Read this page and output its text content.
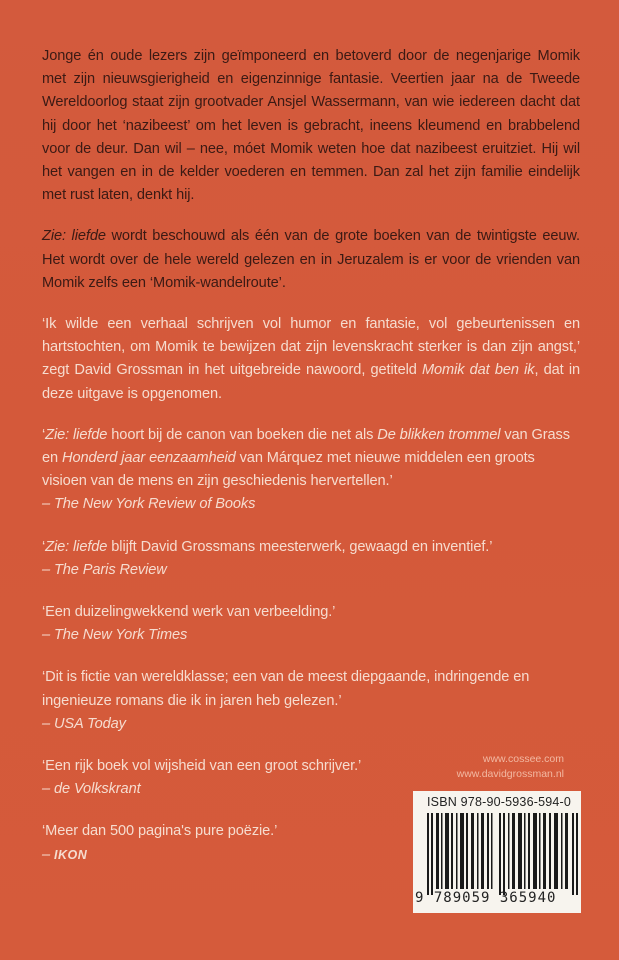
Jonge én oude lezers zijn geïmponeerd en betoverd door de negenjarige Momik met zijn nieuwsgierigheid en eigenzinnige fantasie. Veertien jaar na de Tweede Wereldoorlog staat zijn grootvader Ansjel Wassermann, van wie iedereen dacht dat hij door het ‘nazibeest’ om het leven is gebracht, ineens kleumend en brabbelend voor de deur. Dan wil – nee, móet Momik weten hoe dat nazibeest eruitziet. Hij wil het vangen en in de kelder voederen en temmen. Dan zal het zijn familie eindelijk met rust laten, denkt hij.

Zie: liefde wordt beschouwd als één van de grote boeken van de twintigste eeuw. Het wordt over de hele wereld gelezen en in Jeruzalem is er voor de vrienden van Momik zelfs een ‘Momik-wandelroute’.

‘Ik wilde een verhaal schrijven vol humor en fantasie, vol gebeurtenissen en hartstochten, om Momik te bewijzen dat zijn levenskracht sterker is dan zijn angst,’ zegt David Grossman in het uitgebreide nawoord, getiteld Momik dat ben ik, dat in deze uitgave is opgenomen.

‘Zie: liefde hoort bij de canon van boeken die net als De blikken trommel van Grass en Honderd jaar eenzaamheid van Márquez met nieuwe middelen een groots visioen van de mens en zijn geschiedenis hervertellen.’
– The New York Review of Books

‘Zie: liefde blijft David Grossmans meesterwerk, gewaagd en inventief.’
– The Paris Review

‘Een duizelingwekkend werk van verbeelding.’
– The New York Times

‘Dit is fictie van wereldklasse; een van de meest diepgaande, indringende en ingenieuze romans die ik in jaren heb gelezen.’
– USA Today

‘Een rijk boek vol wijsheid van een groot schrijver.’
– de Volkskrant

‘Meer dan 500 pagina's pure poëzie.’
– IKON

www.cossee.com
www.davidgrossman.nl
ISBN 978-90-5936-594-0
9 789059 365940
